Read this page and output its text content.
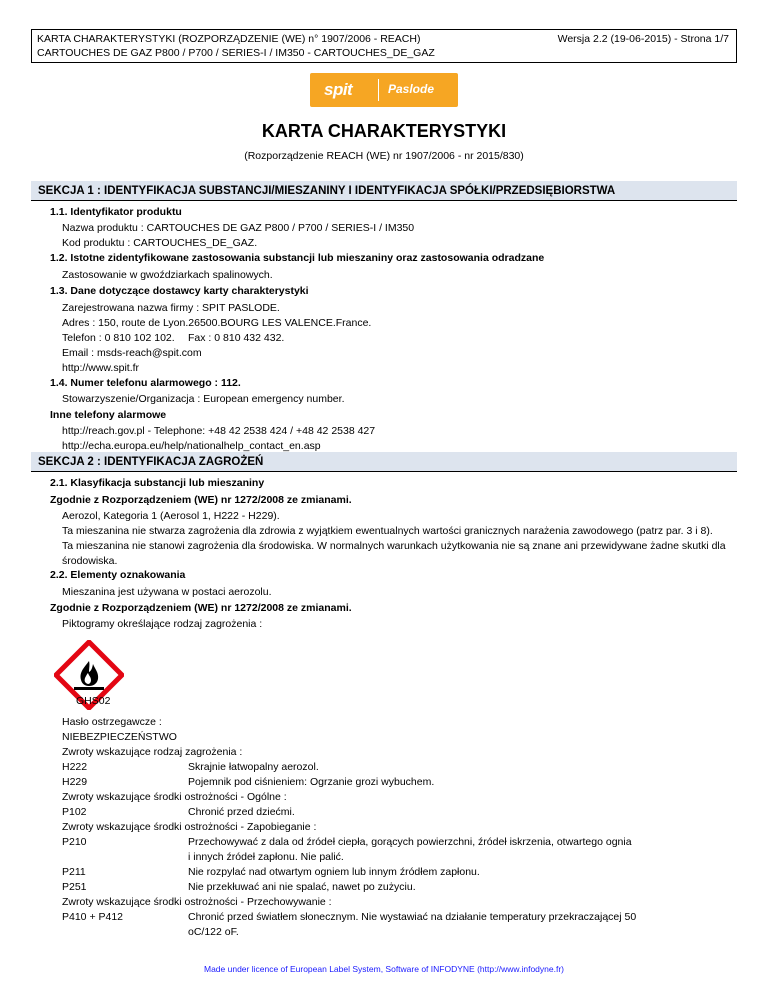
KARTA CHARAKTERYSTYKI (ROZPORZĄDZENIE (WE) n° 1907/2006 - REACH)
CARTOUCHES DE GAZ P800 / P700 / SERIES-I / IM350 - CARTOUCHES_DE_GAZ
Wersja 2.2 (19-06-2015) - Strona 1/7
spit	Paslode
KARTA CHARAKTERYSTYKI
(Rozporządzenie REACH (WE) nr 1907/2006 - nr 2015/830)
SEKCJA 1 : IDENTYFIKACJA SUBSTANCJI/MIESZANINY I IDENTYFIKACJA SPÓŁKI/PRZEDSIĘBIORSTWA
1.1. Identyfikator produktu
Nazwa produktu : CARTOUCHES DE GAZ P800 / P700 / SERIES-I / IM350
Kod produktu : CARTOUCHES_DE_GAZ.
1.2. Istotne zidentyfikowane zastosowania substancji lub mieszaniny oraz zastosowania odradzane
Zastosowanie w gwoździarkach spalinowych.
1.3. Dane dotyczące dostawcy karty charakterystyki
Zarejestrowana nazwa firmy : SPIT PASLODE.
Adres : 150, route de Lyon.26500.BOURG LES VALENCE.France.
Telefon : 0 810 102 102. Fax : 0 810 432 432.
Email : msds-reach@spit.com
http://www.spit.fr
1.4. Numer telefonu alarmowego : 112.
Stowarzyszenie/Organizacja : European emergency number.
Inne telefony alarmowe
http://reach.gov.pl - Telephone: +48 42 2538 424 / +48 42 2538 427
http://echa.europa.eu/help/nationalhelp_contact_en.asp
SEKCJA 2 : IDENTYFIKACJA ZAGROŻEŃ
2.1. Klasyfikacja substancji lub mieszaniny
Zgodnie z Rozporządzeniem (WE) nr 1272/2008 ze zmianami.
Aerozol, Kategoria 1 (Aerosol 1, H222 - H229).
Ta mieszanina nie stwarza zagrożenia dla zdrowia z wyjątkiem ewentualnych wartości granicznych narażenia zawodowego (patrz par. 3 i 8).
Ta mieszanina nie stanowi zagrożenia dla środowiska. W normalnych warunkach użytkowania nie są znane ani przewidywane żadne skutki dla
środowiska.
2.2. Elementy oznakowania
Mieszanina jest używana w postaci aerozolu.
Zgodnie z Rozporządzeniem (WE) nr 1272/2008 ze zmianami.
Piktogramy określające rodzaj zagrożenia :
GHS02
Hasło ostrzegawcze :
NIEBEZPIECZEŃSTWO
Zwroty wskazujące rodzaj zagrożenia :
H222	Skrajnie łatwopalny aerozol.
H229	Pojemnik pod ciśnieniem: Ogrzanie grozi wybuchem.
Zwroty wskazujące środki ostrożności - Ogólne :
P102	Chronić przed dziećmi.
Zwroty wskazujące środki ostrożności - Zapobieganie :
P210	Przechowywać z dala od źródeł ciepła, gorących powierzchni, źródeł iskrzenia, otwartego ognia
i innych źródeł zapłonu. Nie palić.
P211	Nie rozpylać nad otwartym ogniem lub innym źródłem zapłonu.
P251	Nie przekłuwać ani nie spalać, nawet po zużyciu.
Zwroty wskazujące środki ostrożności - Przechowywanie :
P410 + P412	Chronić przed światłem słonecznym. Nie wystawiać na działanie temperatury przekraczającej 50
oC/122 oF.
Made under licence of European Label System, Software of INFODYNE (http://www.infodyne.fr)
